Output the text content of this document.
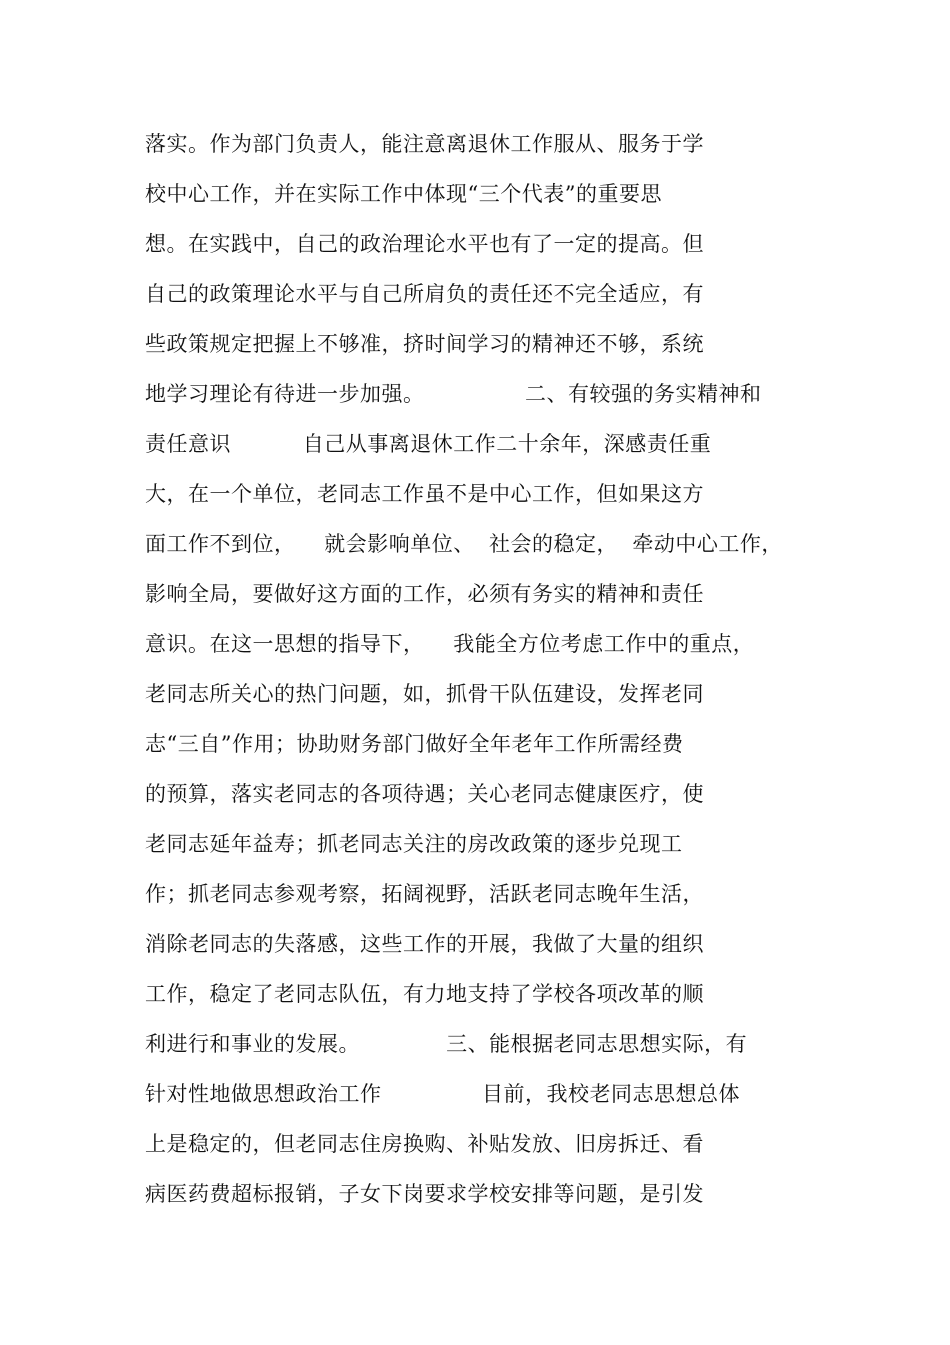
落实。作为部门负责人，能注意离退休工作服从、服务于学
校中心工作，并在实际工作中体现“三个代表”的重要思
想。在实践中，自己的政治理论水平也有了一定的提高。但
自己的政策理论水平与自己所肩负的责任还不完全适应，有
些政策规定把握上不够准，挤时间学习的精神还不够，系统
地学习理论有待进一步加强。              二、有较强的务实精神和
责任意识          自己从事离退休工作二十余年，深感责任重
大，在一个单位，老同志工作虽不是中心工作，但如果这方
面工作不到位，    就会影响单位、  社会的稳定，  牵动中心工作，
影响全局，要做好这方面的工作，必须有务实的精神和责任
意识。在这一思想的指导下，    我能全方位考虑工作中的重点，
老同志所关心的热门问题，如，抓骨干队伍建设，发挥老同
志“三自”作用；协助财务部门做好全年老年工作所需经费
的预算，落实老同志的各项待遇；关心老同志健康医疗，使
老同志延年益寿；抓老同志关注的房改政策的逐步兑现工
作；抓老同志参观考察，拓阔视野，活跃老同志晚年生活，
消除老同志的失落感，这些工作的开展，我做了大量的组织
工作，稳定了老同志队伍，有力地支持了学校各项改革的顺
利进行和事业的发展。            三、能根据老同志思想实际，有
针对性地做思想政治工作              目前，我校老同志思想总体
上是稳定的，但老同志住房换购、补贴发放、旧房拆迁、看
病医药费超标报销，子女下岗要求学校安排等问题，是引发
